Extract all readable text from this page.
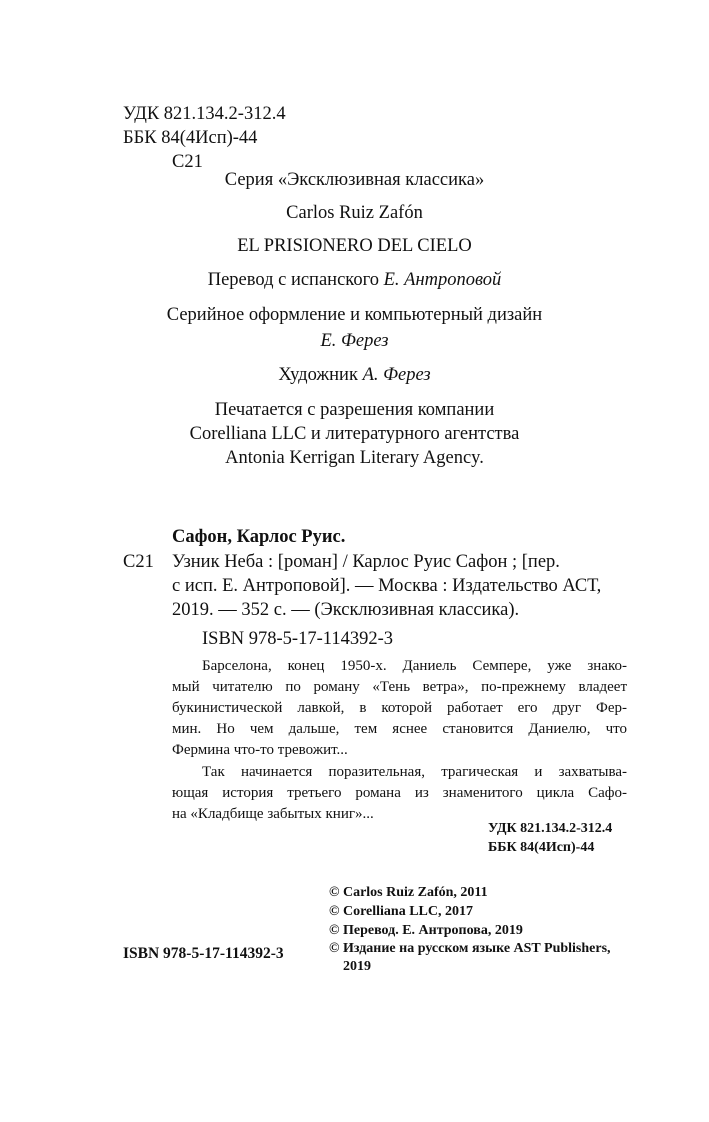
УДК 821.134.2-312.4
ББК 84(4Исп)-44
С21
Серия «Эксклюзивная классика»
Carlos Ruiz Zafón
EL PRISIONERO DEL CIELO
Перевод с испанского Е. Антроповой
Серийное оформление и компьютерный дизайн
Е. Ферез
Художник А. Ферез
Печатается с разрешения компании
Corelliana LLC и литературного агентства
Antonia Kerrigan Literary Agency.
Сафон, Карлос Руис.
С21 Узник Неба : [роман] / Карлос Руис Сафон ; [пер.
с исп. Е. Антроповой]. — Москва : Издательство АСТ,
2019. — 352 с. — (Эксклюзивная классика).
ISBN 978-5-17-114392-3
Барселона, конец 1950-х. Даниель Семпере, уже знако-
мый читателю по роману «Тень ветра», по-прежнему владеет
букинистической лавкой, в которой работает его друг Фер-
мин. Но чем дальше, тем яснее становится Даниелю, что
Фермина что-то тревожит...
Так начинается поразительная, трагическая и захватыва-
ющая история третьего романа из знаменитого цикла Сафо-
на «Кладбище забытых книг»...
УДК 821.134.2-312.4
ББК 84(4Исп)-44
© Carlos Ruiz Zafón, 2011
© Corelliana LLC, 2017
© Перевод. Е. Антропова, 2019
© Издание на русском языке AST Publishers,
2019
ISBN 978-5-17-114392-3
